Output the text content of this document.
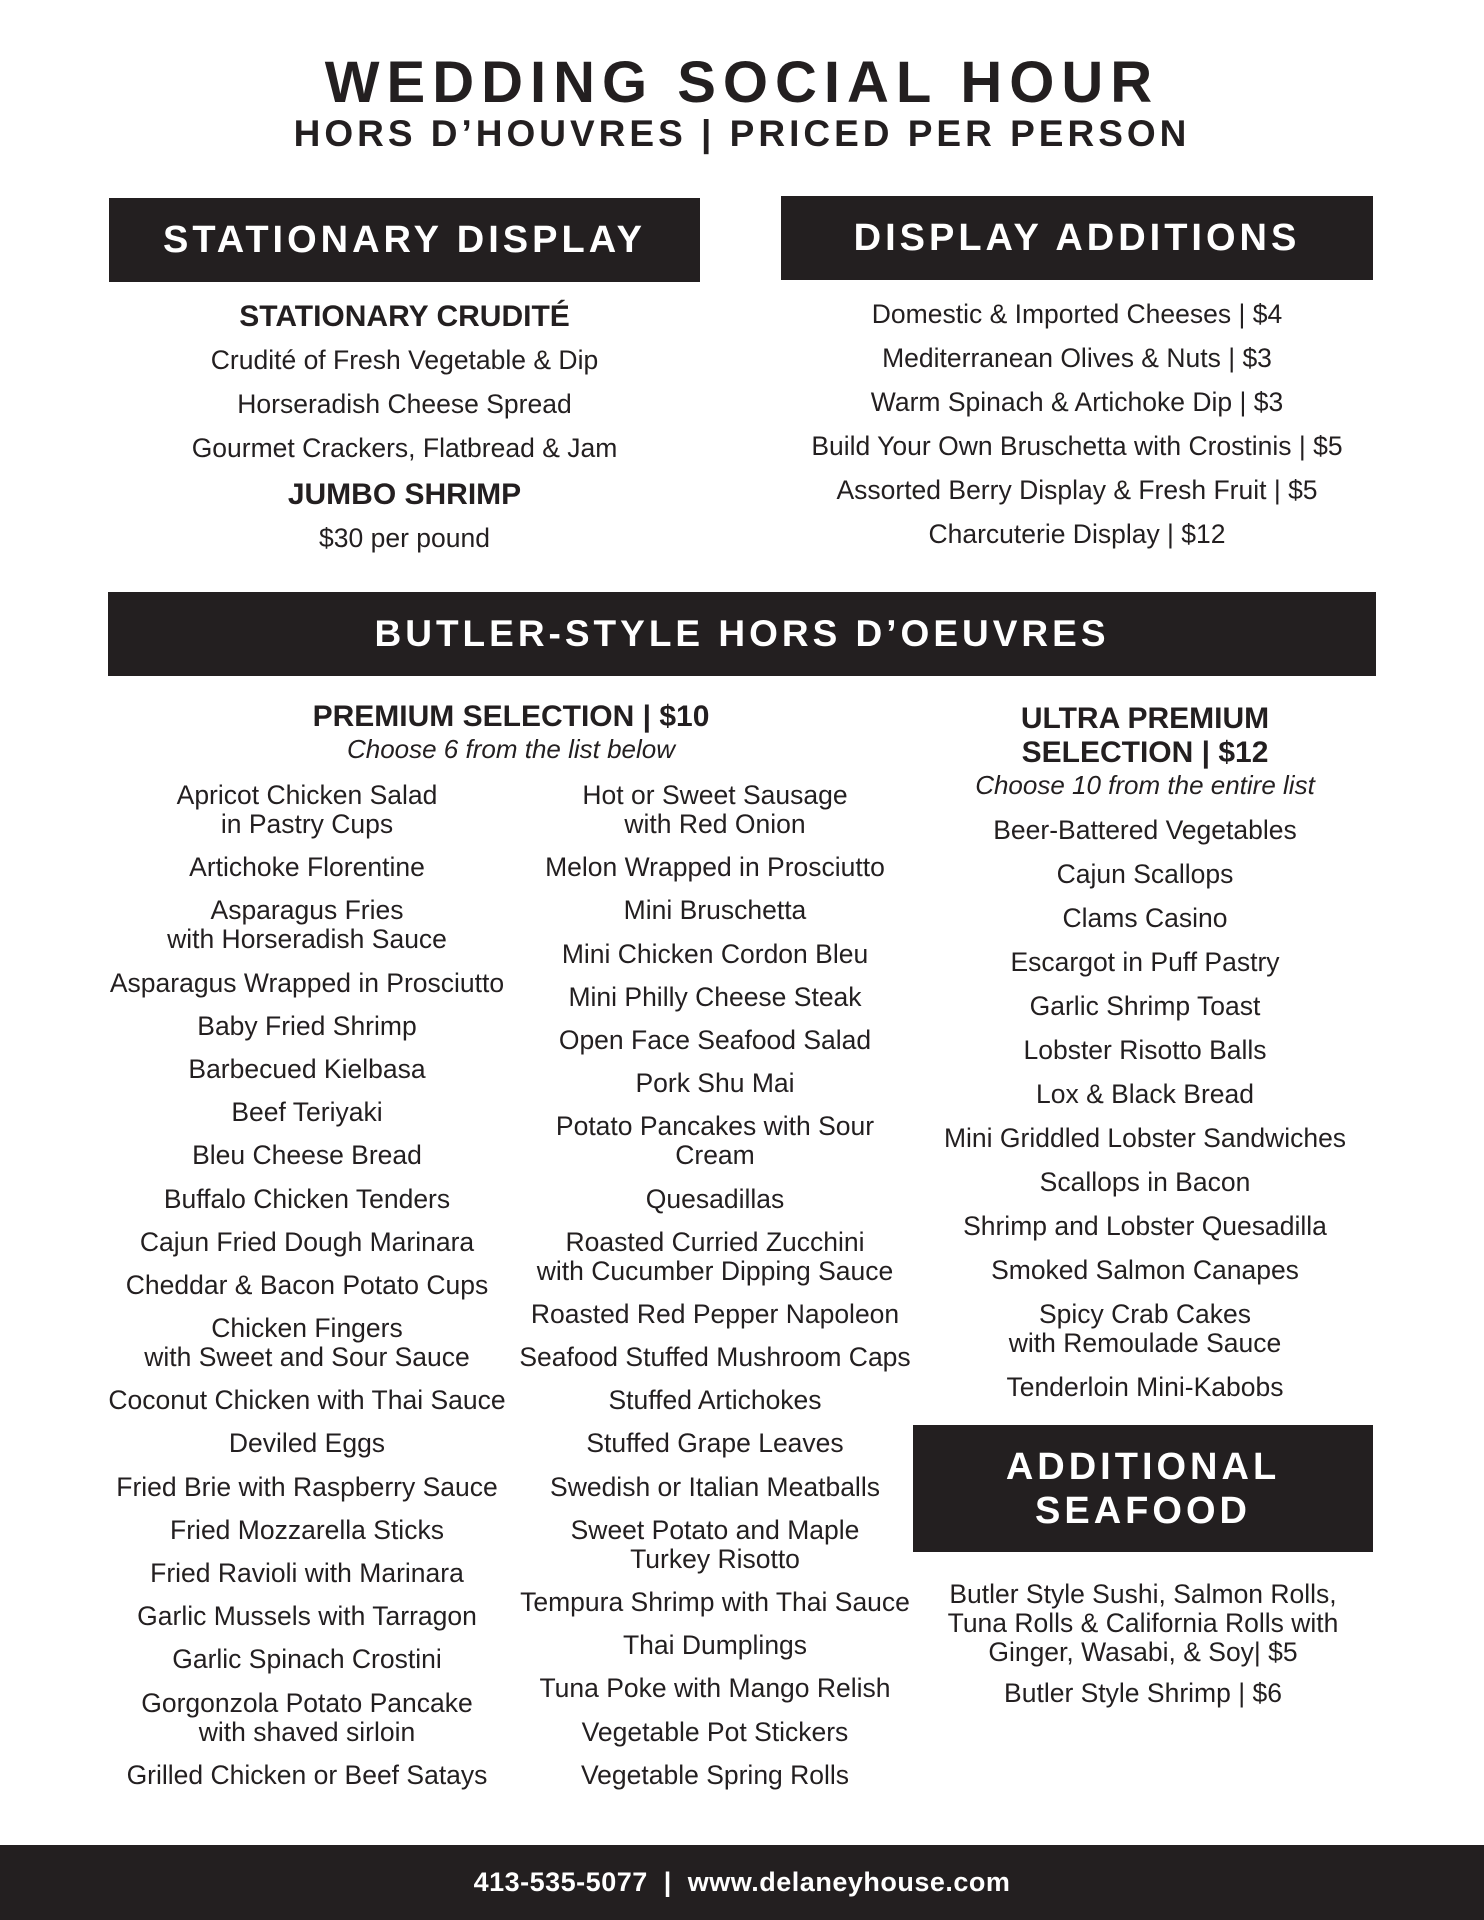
WEDDING SOCIAL HOUR
HORS D’HOUVRES | PRICED PER PERSON
STATIONARY DISPLAY
STATIONARY CRUDITÉ
Crudité of Fresh Vegetable & Dip
Horseradish Cheese Spread
Gourmet Crackers, Flatbread & Jam
JUMBO SHRIMP
$30 per pound
DISPLAY ADDITIONS
Domestic & Imported Cheeses | $4
Mediterranean Olives & Nuts | $3
Warm Spinach & Artichoke Dip | $3
Build Your Own Bruschetta with Crostinis | $5
Assorted Berry Display & Fresh Fruit | $5
Charcuterie Display | $12
BUTLER-STYLE HORS D’OEUVRES
PREMIUM SELECTION | $10
Choose 6 from the list below
Apricot Chicken Salad
in Pastry Cups
Artichoke Florentine
Asparagus Fries
with Horseradish Sauce
Asparagus Wrapped in Prosciutto
Baby Fried Shrimp
Barbecued Kielbasa
Beef Teriyaki
Bleu Cheese Bread
Buffalo Chicken Tenders
Cajun Fried Dough Marinara
Cheddar & Bacon Potato Cups
Chicken Fingers
with Sweet and Sour Sauce
Coconut Chicken with Thai Sauce
Deviled Eggs
Fried Brie with Raspberry Sauce
Fried Mozzarella Sticks
Fried Ravioli with Marinara
Garlic Mussels with Tarragon
Garlic Spinach Crostini
Gorgonzola Potato Pancake
with shaved sirloin
Grilled Chicken or Beef Satays
Hot or Sweet Sausage
with Red Onion
Melon Wrapped in Prosciutto
Mini Bruschetta
Mini Chicken Cordon Bleu
Mini Philly Cheese Steak
Open Face Seafood Salad
Pork Shu Mai
Potato Pancakes with Sour Cream
Quesadillas
Roasted Curried Zucchini
with Cucumber Dipping Sauce
Roasted Red Pepper Napoleon
Seafood Stuffed Mushroom Caps
Stuffed Artichokes
Stuffed Grape Leaves
Swedish or Italian Meatballs
Sweet Potato and Maple
Turkey Risotto
Tempura Shrimp with Thai Sauce
Thai Dumplings
Tuna Poke with Mango Relish
Vegetable Pot Stickers
Vegetable Spring Rolls
ULTRA PREMIUM
SELECTION | $12
Choose 10 from the entire list
Beer-Battered Vegetables
Cajun Scallops
Clams Casino
Escargot in Puff Pastry
Garlic Shrimp Toast
Lobster Risotto Balls
Lox & Black Bread
Mini Griddled Lobster Sandwiches
Scallops in Bacon
Shrimp and Lobster Quesadilla
Smoked Salmon Canapes
Spicy Crab Cakes
with Remoulade Sauce
Tenderloin Mini-Kabobs
ADDITIONAL
SEAFOOD
Butler Style Sushi, Salmon Rolls,
Tuna Rolls & California Rolls with
Ginger, Wasabi, & Soy| $5
Butler Style Shrimp | $6
413-535-5077  |  www.delaneyhouse.com
